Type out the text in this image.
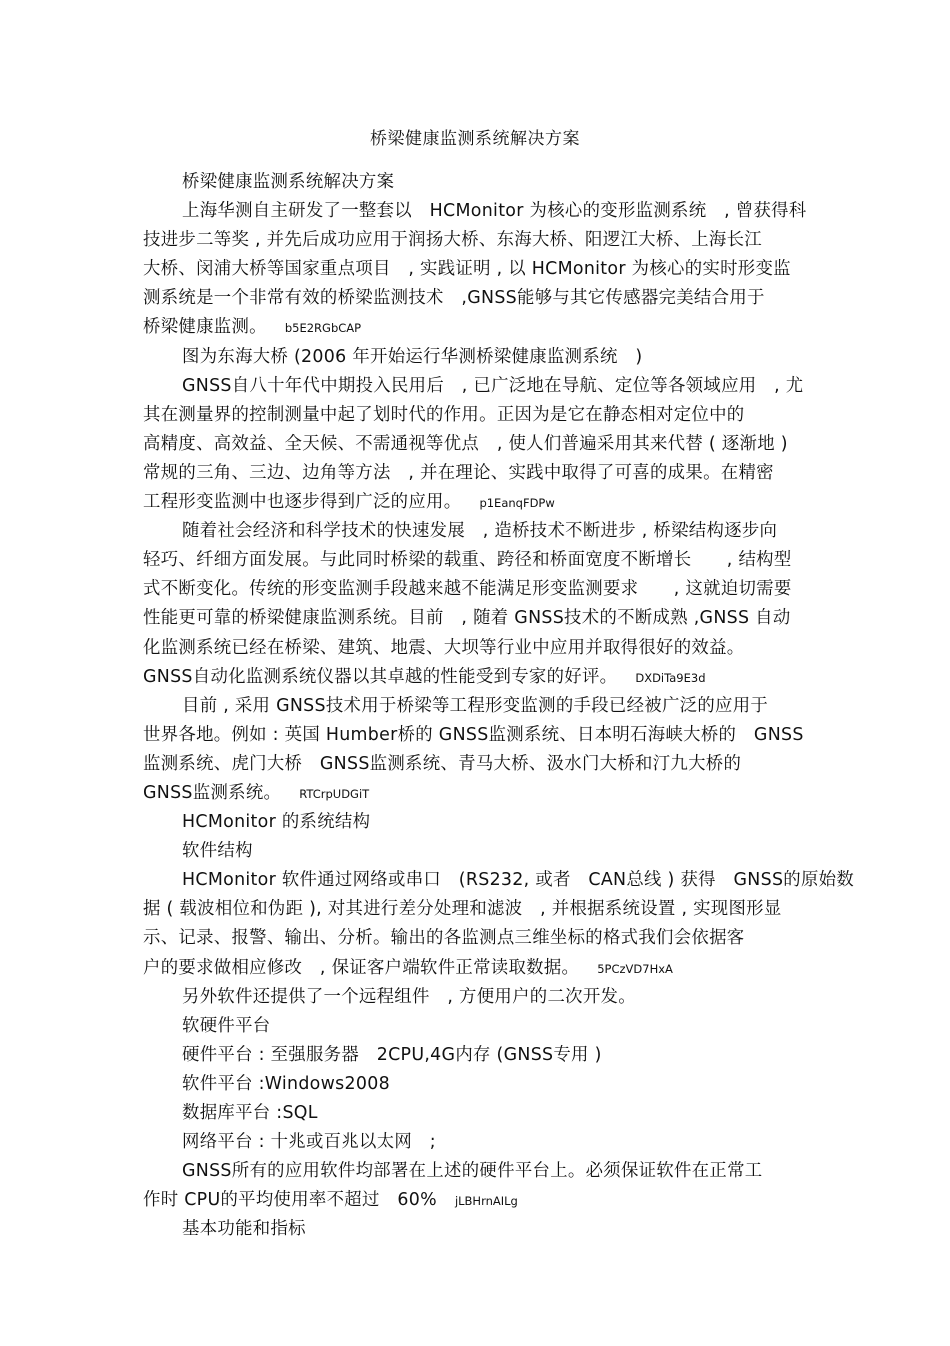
桥梁健康监测系统解决方案
桥梁健康监测系统解决方案
上海华测自主研发了一整套以　HCMonitor 为核心的变形监测系统　, 曾获得科
技进步二等奖 , 并先后成功应用于润扬大桥、东海大桥、阳逻江大桥、上海长江
大桥、闵浦大桥等国家重点项目　, 实践证明 , 以 HCMonitor 为核心的实时形变监
测系统是一个非常有效的桥梁监测技术　,GNSS能够与其它传感器完美结合用于
桥梁健康监测。 b5E2RGbCAP
图为东海大桥 (2006 年开始运行华测桥梁健康监测系统　)
GNSS自八十年代中期投入民用后　, 已广泛地在导航、定位等各领域应用　, 尤
其在测量界的控制测量中起了划时代的作用。正因为是它在静态相对定位中的
高精度、高效益、全天候、不需通视等优点　, 使人们普遍采用其来代替 ( 逐渐地 )
常规的三角、三边、边角等方法　, 并在理论、实践中取得了可喜的成果。在精密
工程形变监测中也逐步得到广泛的应用。 p1EanqFDPw
随着社会经济和科学技术的快速发展　, 造桥技术不断进步 , 桥梁结构逐步向
轻巧、纤细方面发展。与此同时桥梁的载重、跨径和桥面宽度不断增长　　, 结构型
式不断变化。传统的形变监测手段越来越不能满足形变监测要求　　, 这就迫切需要
性能更可靠的桥梁健康监测系统。目前　, 随着 GNSS技术的不断成熟 ,GNSS 自动
化监测系统已经在桥梁、建筑、地震、大坝等行业中应用并取得很好的效益。
GNSS自动化监测系统仪器以其卓越的性能受到专家的好评。 DXDiTa9E3d
目前 , 采用 GNSS技术用于桥梁等工程形变监测的手段已经被广泛的应用于
世界各地。例如 : 英国 Humber桥的 GNSS监测系统、日本明石海峡大桥的　GNSS
监测系统、虎门大桥　GNSS监测系统、青马大桥、汲水门大桥和汀九大桥的
GNSS监测系统。 RTCrpUDGiT
HCMonitor 的系统结构
软件结构
HCMonitor 软件通过网络或串口　(RS232, 或者　CAN总线 ) 获得　GNSS的原始数
据 ( 载波相位和伪距 ), 对其进行差分处理和滤波　, 并根据系统设置 , 实现图形显
示、记录、报警、输出、分析。输出的各监测点三维坐标的格式我们会依据客
户的要求做相应修改　, 保证客户端软件正常读取数据。 5PCzVD7HxA
另外软件还提供了一个远程组件　, 方便用户的二次开发。
软硬件平台
硬件平台 : 至强服务器　2CPU,4G内存 (GNSS专用 )
软件平台 :Windows2008
数据库平台 :SQL
网络平台 : 十兆或百兆以太网　;
GNSS所有的应用软件均部署在上述的硬件平台上。必须保证软件在正常工
作时 CPU的平均使用率不超过　60% jLBHrnAILg
基本功能和指标
